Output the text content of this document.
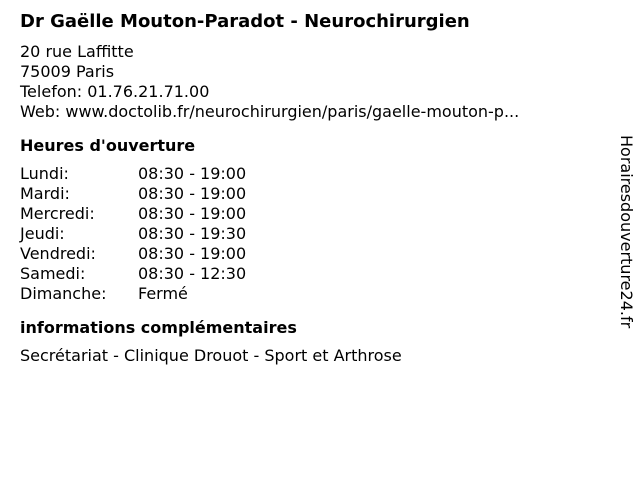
Dr Gaëlle Mouton-Paradot - Neurochirurgien
20 rue Laffitte
75009 Paris
Telefon: 01.76.21.71.00
Web: www.doctolib.fr/neurochirurgien/paris/gaelle-mouton-p...
Heures d'ouverture
Lundi:	08:30 - 19:00
Mardi:	08:30 - 19:00
Mercredi:	08:30 - 19:00
Jeudi:	08:30 - 19:30
Vendredi:	08:30 - 19:00
Samedi:	08:30 - 12:30
Dimanche:	Fermé
informations complémentaires
Secrétariat - Clinique Drouot - Sport et Arthrose
Horairesdouverture24.fr
